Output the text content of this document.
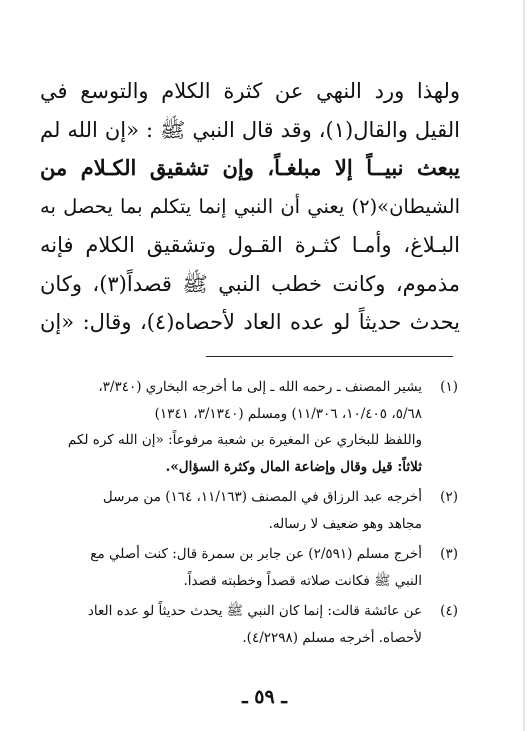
ولهذا ورد النهي عن كثرة الكلام والتوسع في
القيل والقال(١)، وقد قال النبي ﷺ : «إن الله لم
يبعث نبيــاً إلا مبلغـاً، وإن تشقيق الكـلام من
الشيطان»(٢) يعني أن النبي إنما يتكلم بما يحصل به
البـلاغ، وأمـا كثـرة القـول وتشقيق الكلام فإنه
مذموم، وكانت خطب النبي ﷺ قصداً(٣)، وكان
يحدث حديثاً لو عده العاد لأحصاه(٤)، وقال: «إن
(١)
يشير المصنف ـ رحمه الله ـ إلى ما أخرجه البخاري (٣/٣٤٠،
٥/٦٨، ١٠/٤٠٥، ١١/٣٠٦) ومسلم (٣/١٣٤٠، ١٣٤١)
واللفظ للبخاري عن المغيرة بن شعبة مرفوعاً: «إن الله كره لكم
ثلاثاً: قيل وقال وإضاعة المال وكثرة السؤال».
(٢)
أخرجه عبد الرزاق في المصنف (١١/١٦٣، ١٦٤) من مرسل
مجاهد وهو ضعيف لا رساله.
(٣)
أخرج مسلم (٢/٥٩١) عن جابر بن سمرة قال: كنت أصلي مع
النبي ﷺ فكانت صلاته قصداً وخطبته قصداً.
(٤)
عن عائشة قالت: إنما كان النبي ﷺ يحدث حديثاً لو عده العاد
لأحصاه. أخرجه مسلم (٤/٢٢٩٨).
ـ ٥٩ ـ
